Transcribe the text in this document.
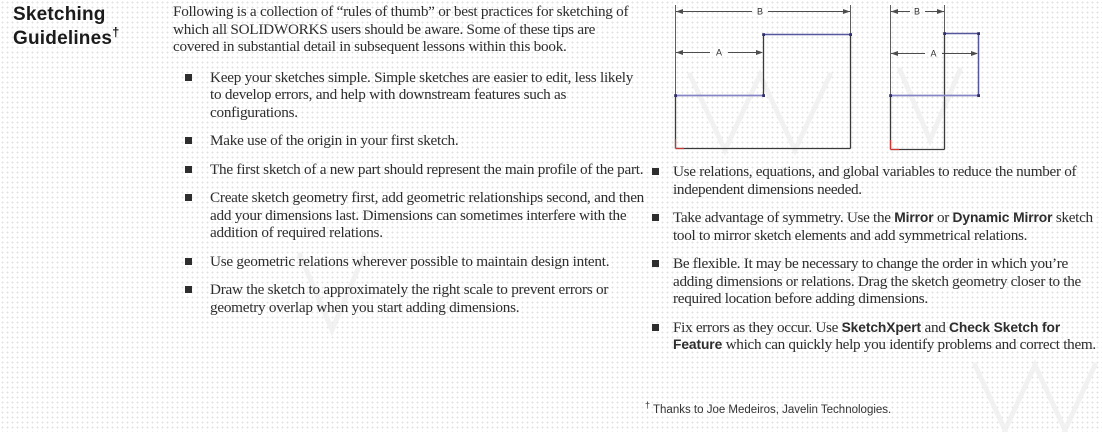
Sketching
Guidelines†

Following is a collection of “rules of thumb” or best practices for sketching of which all SOLIDWORKS users should be aware. Some of these tips are covered in substantial detail in subsequent lessons within this book.

Keep your sketches simple. Simple sketches are easier to edit, less likely to develop errors, and help with downstream features such as configurations.
Make use of the origin in your first sketch.
The first sketch of a new part should represent the main profile of the part.
Create sketch geometry first, add geometric relationships second, and then add your dimensions last. Dimensions can sometimes interfere with the addition of required relations.
Use geometric relations wherever possible to maintain design intent.
Draw the sketch to approximately the right scale to prevent errors or geometry overlap when you start adding dimensions.
B
A
B
A
Use relations, equations, and global variables to reduce the number of independent dimensions needed.
Take advantage of symmetry. Use the Mirror or Dynamic Mirror sketch tool to mirror sketch elements and add symmetrical relations.
Be flexible. It may be necessary to change the order in which you’re adding dimensions or relations. Drag the sketch geometry closer to the required location before adding dimensions.
Fix errors as they occur. Use SketchXpert and Check Sketch for Feature which can quickly help you identify problems and correct them.
† Thanks to Joe Medeiros, Javelin Technologies.
